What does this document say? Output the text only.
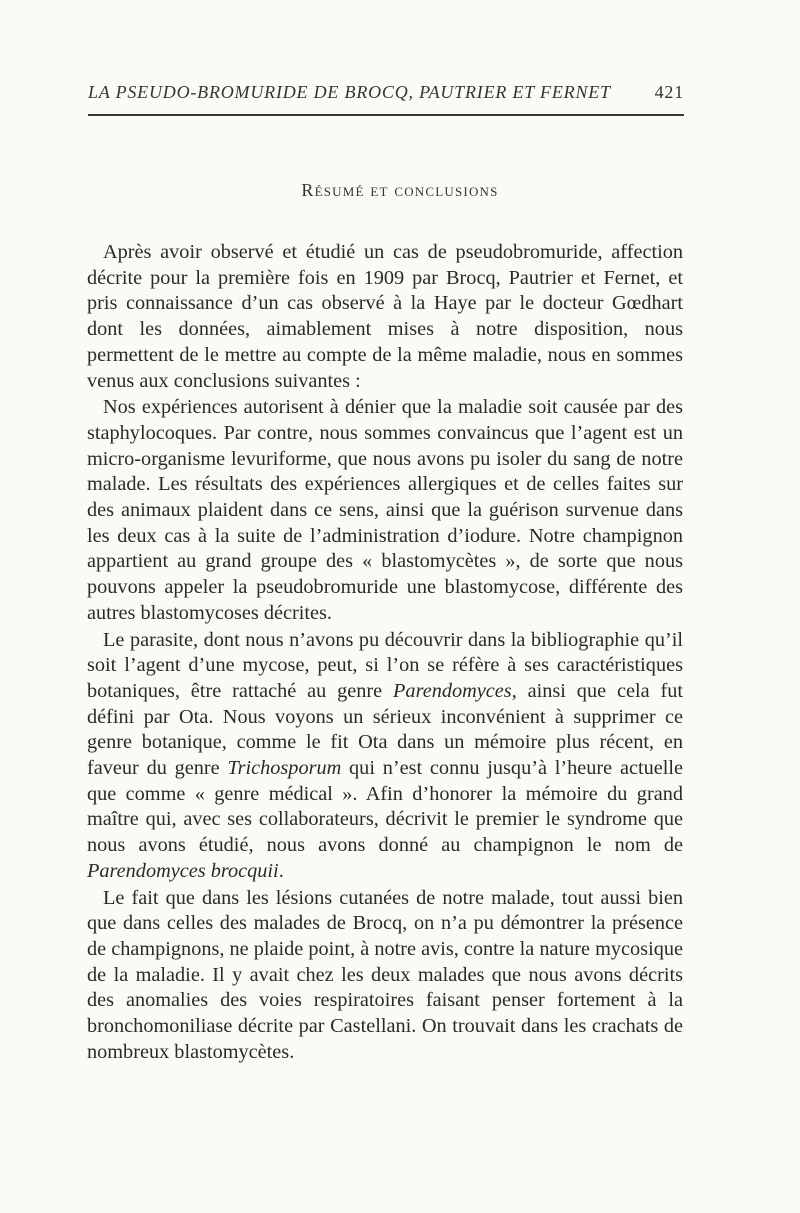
LA PSEUDO-BROMURIDE DE BROCQ, PAUTRIER ET FERNET 421
Résumé et conclusions

Après avoir observé et étudié un cas de pseudobromuride, affection décrite pour la première fois en 1909 par Brocq, Pautrier et Fernet, et pris connaissance d’un cas observé à la Haye par le docteur Gœdhart dont les données, aimablement mises à notre disposition, nous permettent de le mettre au compte de la même maladie, nous en sommes venus aux conclusions suivantes :

Nos expériences autorisent à dénier que la maladie soit causée par des staphylocoques. Par contre, nous sommes convaincus que l’agent est un micro-organisme levuriforme, que nous avons pu isoler du sang de notre malade. Les résultats des expériences allergiques et de celles faites sur des animaux plaident dans ce sens, ainsi que la guérison survenue dans les deux cas à la suite de l’administration d’iodure. Notre champignon appartient au grand groupe des « blastomycètes », de sorte que nous pouvons appeler la pseudobromuride une blastomycose, différente des autres blastomycoses décrites.

Le parasite, dont nous n’avons pu découvrir dans la bibliographie qu’il soit l’agent d’une mycose, peut, si l’on se réfère à ses caractéristiques botaniques, être rattaché au genre Parendomyces, ainsi que cela fut défini par Ota. Nous voyons un sérieux inconvénient à supprimer ce genre botanique, comme le fit Ota dans un mémoire plus récent, en faveur du genre Trichosporum qui n’est connu jusqu’à l’heure actuelle que comme « genre médical ». Afin d’honorer la mémoire du grand maître qui, avec ses collaborateurs, décrivit le premier le syndrome que nous avons étudié, nous avons donné au champignon le nom de Parendomyces brocquii.

Le fait que dans les lésions cutanées de notre malade, tout aussi bien que dans celles des malades de Brocq, on n’a pu démontrer la présence de champignons, ne plaide point, à notre avis, contre la nature mycosique de la maladie. Il y avait chez les deux malades que nous avons décrits des anomalies des voies respiratoires faisant penser fortement à la bronchomoniliase décrite par Castellani. On trouvait dans les crachats de nombreux blastomycètes.
